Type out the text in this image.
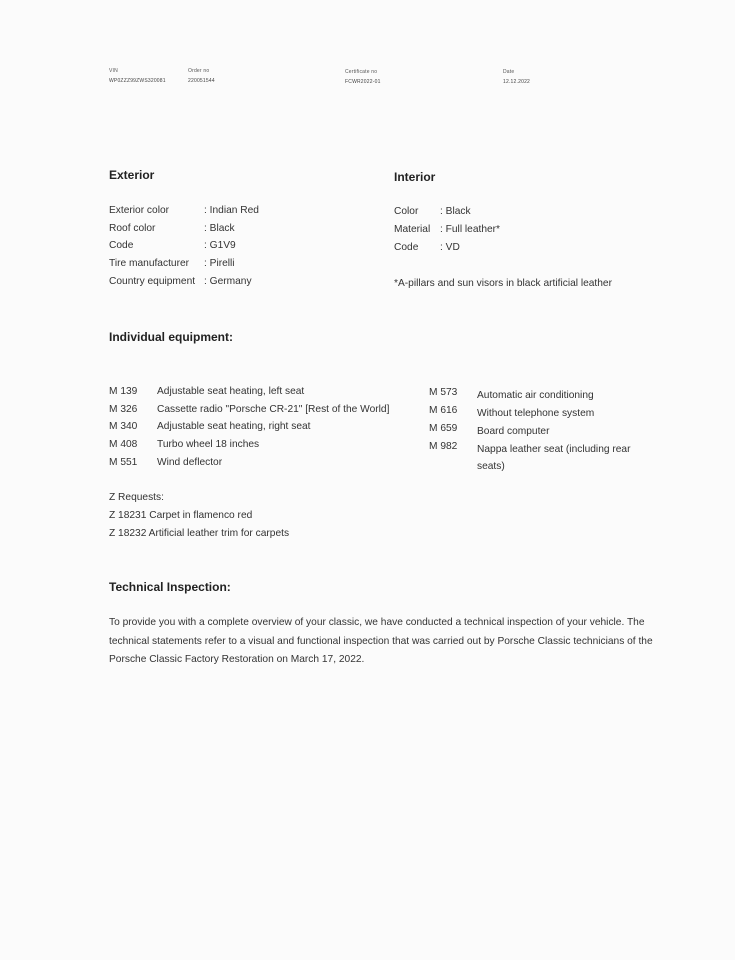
VIN
WP0ZZZ99ZWS320081
Order no
220051544
Certificate no
FCWR2022-01
Date
12.12.2022
Exterior
Exterior color	: Indian Red
Roof color	: Black
Code	: G1V9
Tire manufacturer : Pirelli
Country equipment : Germany
Interior
Color : Black
Material : Full leather*
Code : VD
*A-pillars and sun visors in black artificial leather
Individual equipment:
M 139 Adjustable seat heating, left seat
M 326 Cassette radio "Porsche CR-21" [Rest of the World]
M 340 Adjustable seat heating, right seat
M 408 Turbo wheel 18 inches
M 551 Wind deflector
M 573 Automatic air conditioning
M 616 Without telephone system
M 659 Board computer
M 982 Nappa leather seat (including rear seats)
Z Requests:
Z 18231 Carpet in flamenco red
Z 18232 Artificial leather trim for carpets
Technical Inspection:
To provide you with a complete overview of your classic, we have conducted a technical inspection of your vehicle. The technical statements refer to a visual and functional inspection that was carried out by Porsche Classic technicians of the Porsche Classic Factory Restoration on March 17, 2022.
